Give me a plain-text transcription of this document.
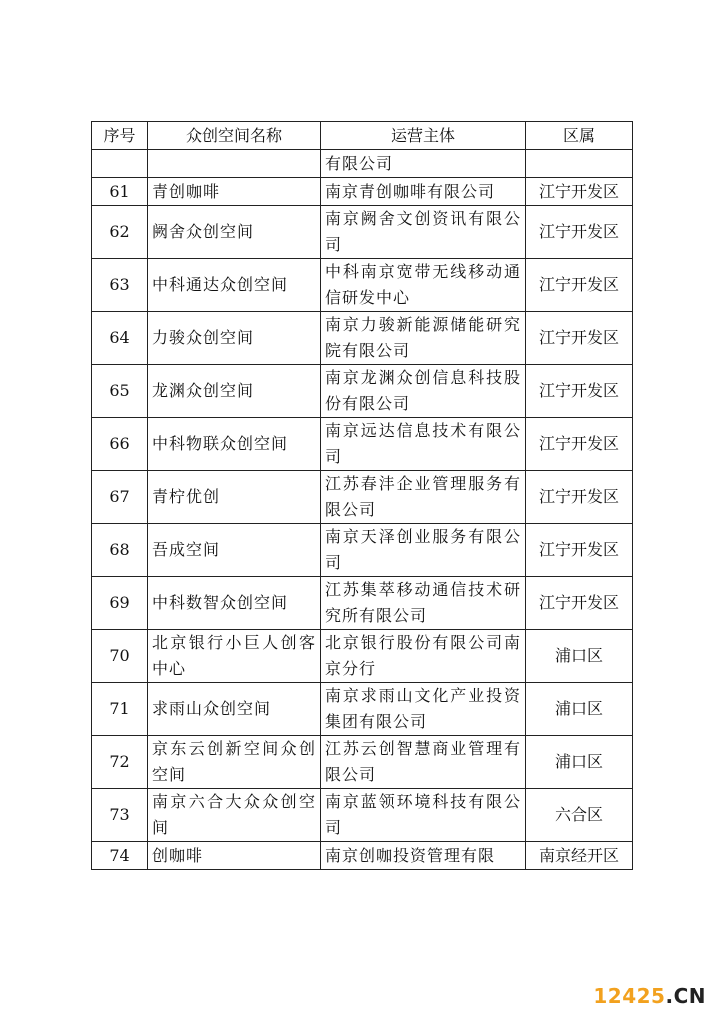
序号	众创空间名称	运营主体	区属
		有限公司	
61	青创咖啡	南京青创咖啡有限公司	江宁开发区
62	阙舍众创空间	南京阙舍文创资讯有限公司	江宁开发区
63	中科通达众创空间	中科南京宽带无线移动通信研发中心	江宁开发区
64	力骏众创空间	南京力骏新能源储能研究院有限公司	江宁开发区
65	龙渊众创空间	南京龙渊众创信息科技股份有限公司	江宁开发区
66	中科物联众创空间	南京远达信息技术有限公司	江宁开发区
67	青柠优创	江苏春沣企业管理服务有限公司	江宁开发区
68	吾成空间	南京天泽创业服务有限公司	江宁开发区
69	中科数智众创空间	江苏集萃移动通信技术研究所有限公司	江宁开发区
70	北京银行小巨人创客中心	北京银行股份有限公司南京分行	浦口区
71	求雨山众创空间	南京求雨山文化产业投资集团有限公司	浦口区
72	京东云创新空间众创空间	江苏云创智慧商业管理有限公司	浦口区
73	南京六合大众众创空间	南京蓝领环境科技有限公司	六合区
74	创咖啡	南京创咖投资管理有限	南京经开区
12425.CN
